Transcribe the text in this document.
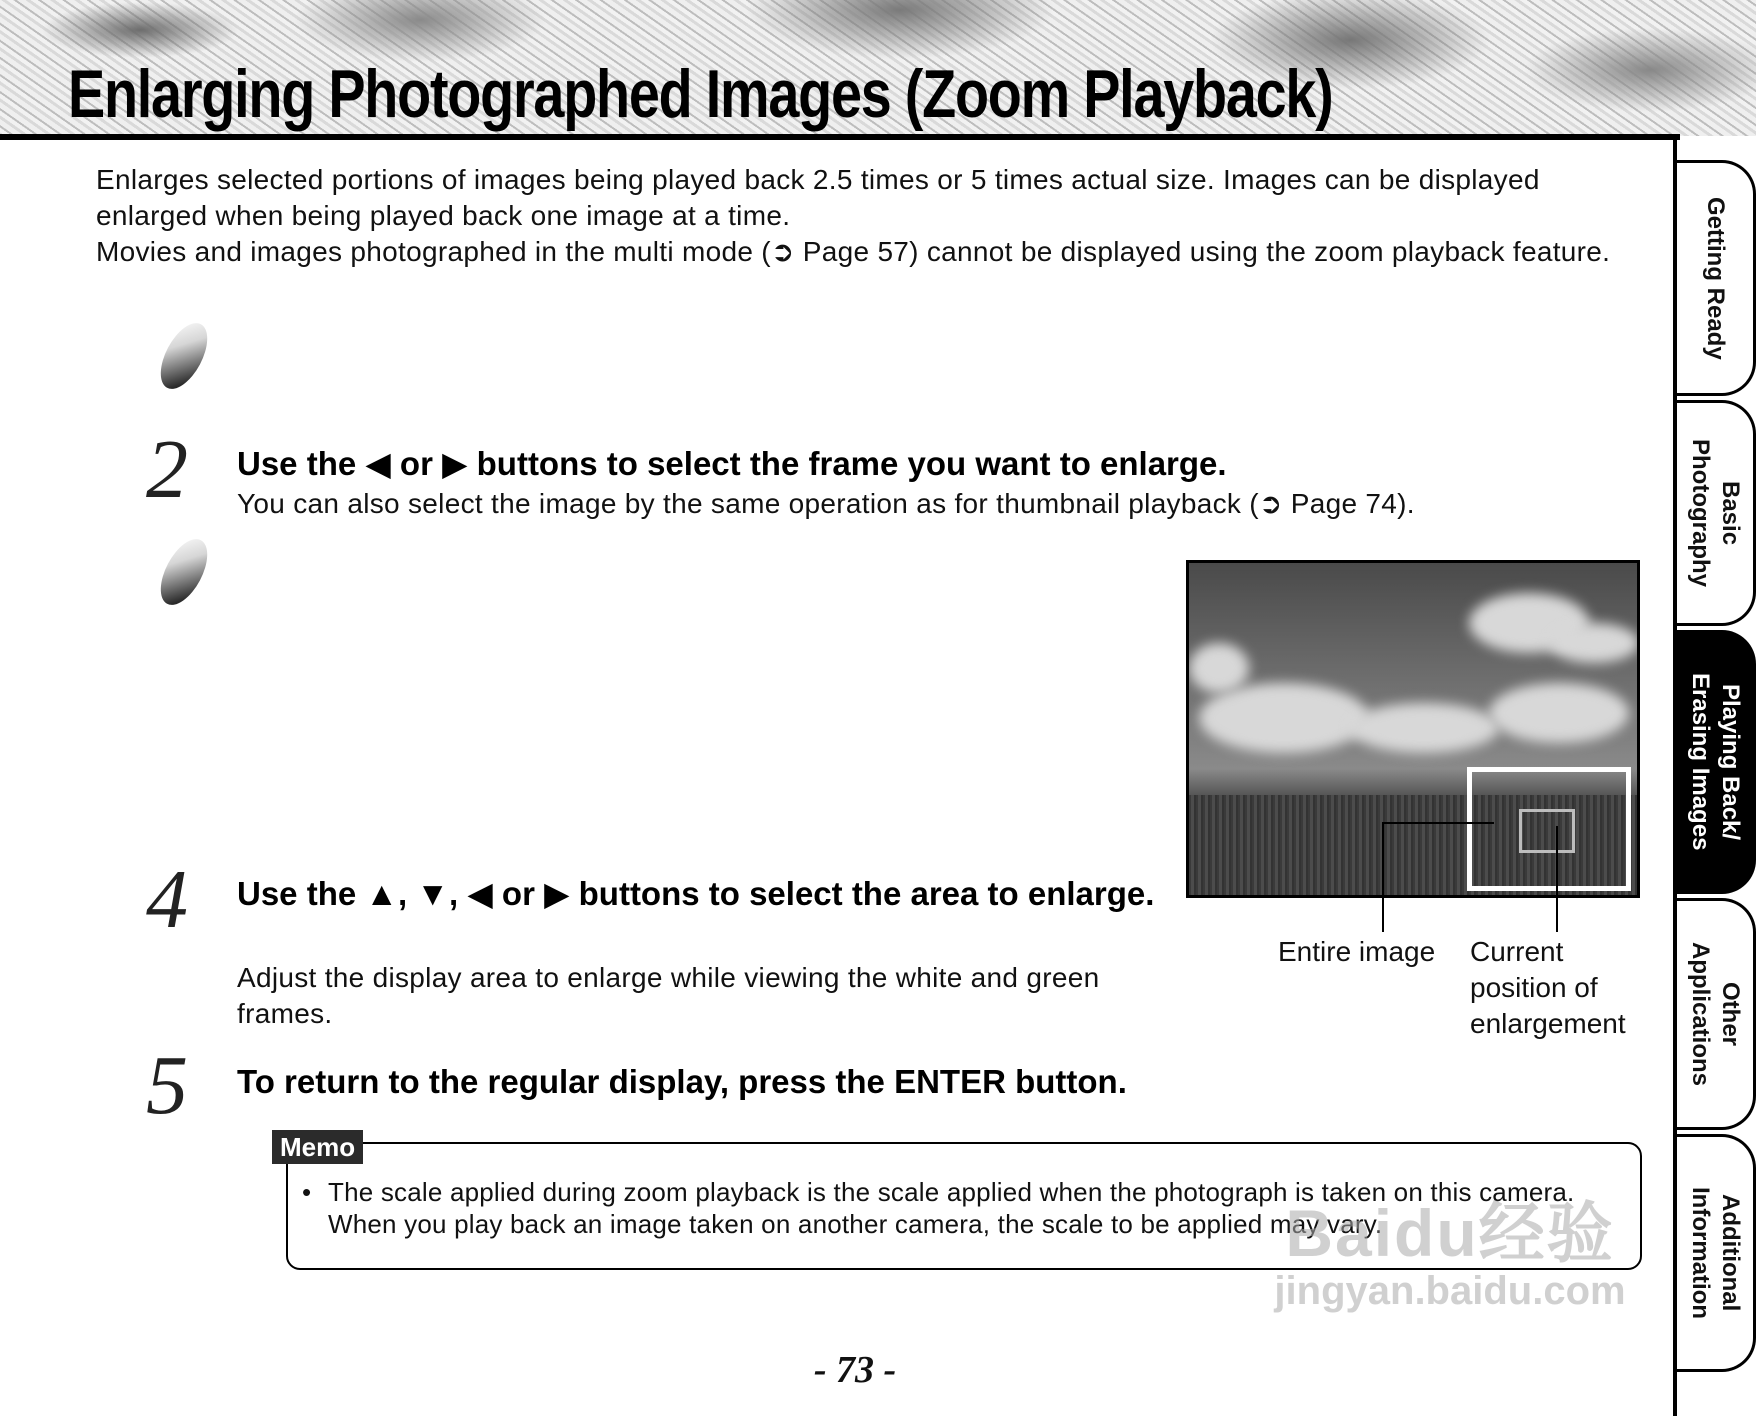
Enlarging Photographed Images (Zoom Playback)
Getting Ready
Basic
Photography
Playing Back/
Erasing Images
Other
Applications
Additional
Information

Enlarges selected portions of images being played back 2.5 times or 5 times actual size. Images can be displayed enlarged when being played back one image at a time.

Movies and images photographed in the multi mode (➲ Page 57) cannot be displayed using the zoom playback feature.

2 Use the ◀ or ▶ buttons to select the frame you want to enlarge.

You can also select the image by the same operation as for thumbnail playback (➲ Page 74).

4 Use the ▲, ▼, ◀ or ▶ buttons to select the area to enlarge.

Adjust the display area to enlarge while viewing the white and green frames.

5 To return to the regular display, press the ENTER button.

Entire image	Current position of enlargement

Memo
• The scale applied during zoom playback is the scale applied when the photograph is taken on this camera. When you play back an image taken on another camera, the scale to be applied may vary.

Baidu经验
jingyan.baidu.com
- 73 -
